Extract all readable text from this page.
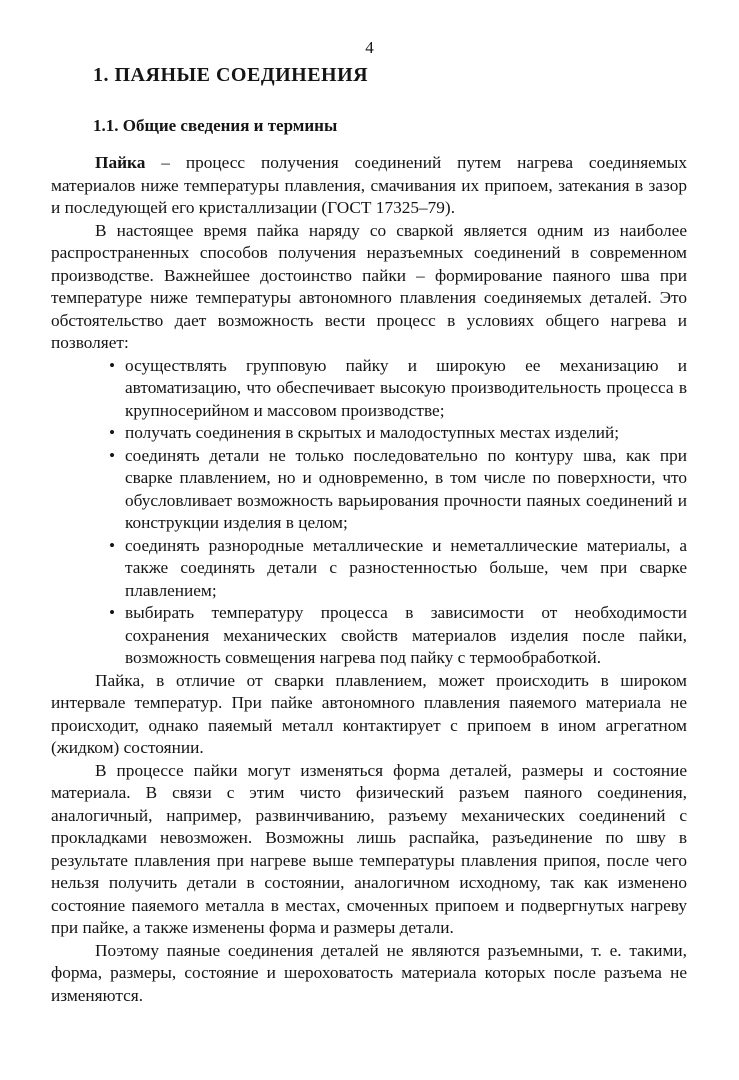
4
1. ПАЯНЫЕ СОЕДИНЕНИЯ
1.1. Общие сведения и термины

Пайка – процесс получения соединений путем нагрева соединяемых материалов ниже температуры плавления, смачивания их припоем, затекания в зазор и последующей его кристаллизации (ГОСТ 17325–79).

В настоящее время пайка наряду со сваркой является одним из наиболее распространенных способов получения неразъемных соединений в современном производстве. Важнейшее достоинство пайки – формирование паяного шва при температуре ниже температуры автономного плавления соединяемых деталей. Это обстоятельство дает возможность вести процесс в условиях общего нагрева и позволяет:

• осуществлять групповую пайку и широкую ее механизацию и автоматизацию, что обеспечивает высокую производительность процесса в крупносерийном и массовом производстве;
• получать соединения в скрытых и малодоступных местах изделий;
• соединять детали не только последовательно по контуру шва, как при сварке плавлением, но и одновременно, в том числе по поверхности, что обусловливает возможность варьирования прочности паяных соединений и конструкции изделия в целом;
• соединять разнородные металлические и неметаллические материалы, а также соединять детали с разностенностью больше, чем при сварке плавлением;
• выбирать температуру процесса в зависимости от необходимости сохранения механических свойств материалов изделия после пайки, возможность совмещения нагрева под пайку с термообработкой.

Пайка, в отличие от сварки плавлением, может происходить в широком интервале температур. При пайке автономного плавления паяемого материала не происходит, однако паяемый металл контактирует с припоем в ином агрегатном (жидком) состоянии.

В процессе пайки могут изменяться форма деталей, размеры и состояние материала. В связи с этим чисто физический разъем паяного соединения, аналогичный, например, развинчиванию, разъему механических соединений с прокладками невозможен. Возможны лишь распайка, разъединение по шву в результате плавления при нагреве выше температуры плавления припоя, после чего нельзя получить детали в состоянии, аналогичном исходному, так как изменено состояние паяемого металла в местах, смоченных припоем и подвергнутых нагреву при пайке, а также изменены форма и размеры детали.

Поэтому паяные соединения деталей не являются разъемными, т. е. такими, форма, размеры, состояние и шероховатость материала которых после разъема не изменяются.
